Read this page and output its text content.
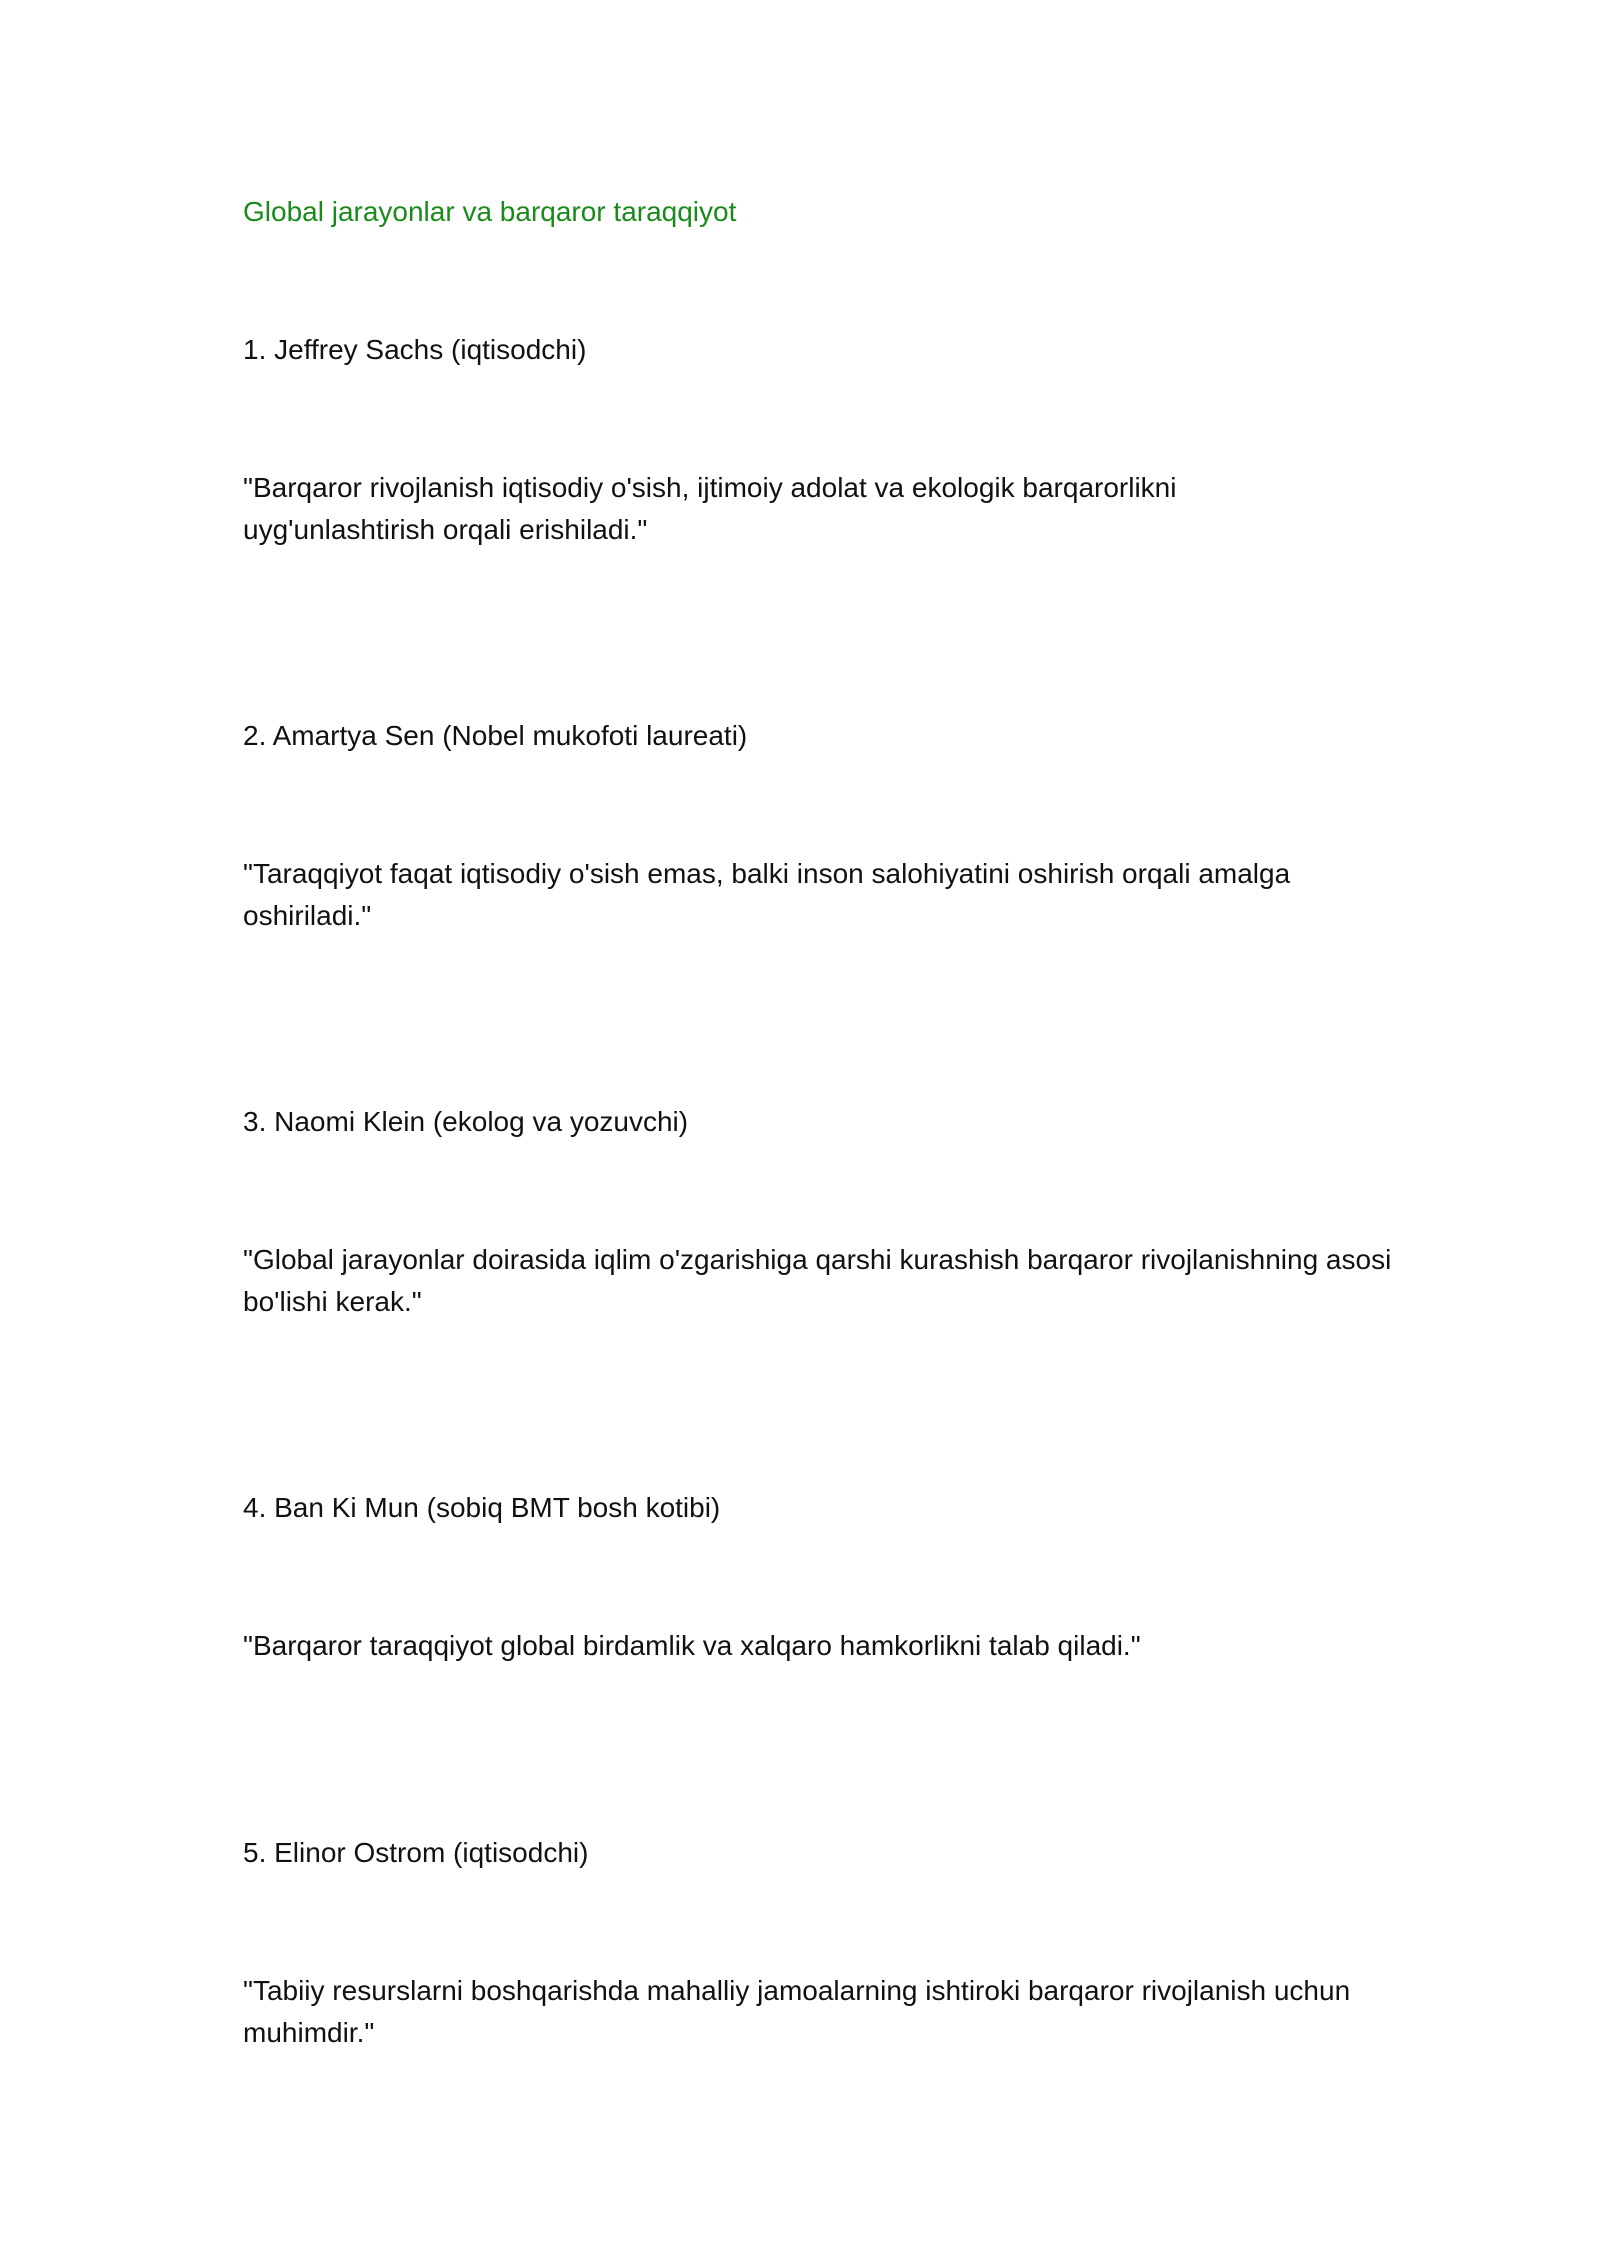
Global jarayonlar va barqaror taraqqiyot
1. Jeffrey Sachs (iqtisodchi)
"Barqaror rivojlanish iqtisodiy o'sish, ijtimoiy adolat va ekologik barqarorlikni
uyg'unlashtirish orqali erishiladi."
2. Amartya Sen (Nobel mukofoti laureati)
"Taraqqiyot faqat iqtisodiy o'sish emas, balki inson salohiyatini oshirish orqali amalga
oshiriladi."
3. Naomi Klein (ekolog va yozuvchi)
"Global jarayonlar doirasida iqlim o'zgarishiga qarshi kurashish barqaror rivojlanishning asosi
bo'lishi kerak."
4. Ban Ki Mun (sobiq BMT bosh kotibi)
"Barqaror taraqqiyot global birdamlik va xalqaro hamkorlikni talab qiladi."
5. Elinor Ostrom (iqtisodchi)
"Tabiiy resurslarni boshqarishda mahalliy jamoalarning ishtiroki barqaror rivojlanish uchun
muhimdir."
